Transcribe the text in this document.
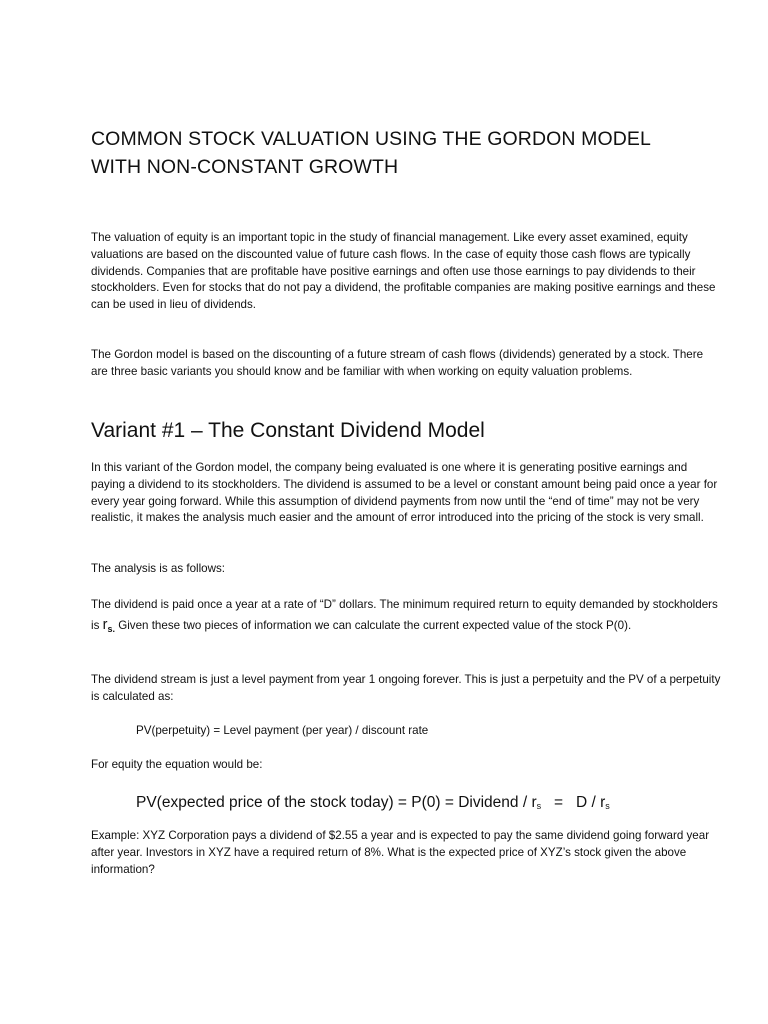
COMMON STOCK VALUATION USING THE GORDON MODEL WITH NON-CONSTANT GROWTH

The valuation of equity is an important topic in the study of financial management. Like every asset examined, equity valuations are based on the discounted value of future cash flows. In the case of equity those cash flows are typically dividends. Companies that are profitable have positive earnings and often use those earnings to pay dividends to their stockholders. Even for stocks that do not pay a dividend, the profitable companies are making positive earnings and these can be used in lieu of dividends.

The Gordon model is based on the discounting of a future stream of cash flows (dividends) generated by a stock. There are three basic variants you should know and be familiar with when working on equity valuation problems.

Variant #1 – The Constant Dividend Model

In this variant of the Gordon model, the company being evaluated is one where it is generating positive earnings and paying a dividend to its stockholders. The dividend is assumed to be a level or constant amount being paid once a year for every year going forward. While this assumption of dividend payments from now until the “end of time” may not be very realistic, it makes the analysis much easier and the amount of error introduced into the pricing of the stock is very small.

The analysis is as follows:

The dividend is paid once a year at a rate of “D” dollars. The minimum required return to equity demanded by stockholders is $r_{s.}$ Given these two pieces of information we can calculate the current expected value of the stock P(0).

The dividend stream is just a level payment from year 1 ongoing forever. This is just a perpetuity and the PV of a perpetuity is calculated as:

PV(perpetuity) = Level payment (per year) / discount rate

For equity the equation would be:

PV(expected price of the stock today) = P(0) = Dividend / $r_s = D / r_s$

Example: XYZ Corporation pays a dividend of $2.55 a year and is expected to pay the same dividend going forward year after year. Investors in XYZ have a required return of 8%. What is the expected price of XYZ’s stock given the above information?
